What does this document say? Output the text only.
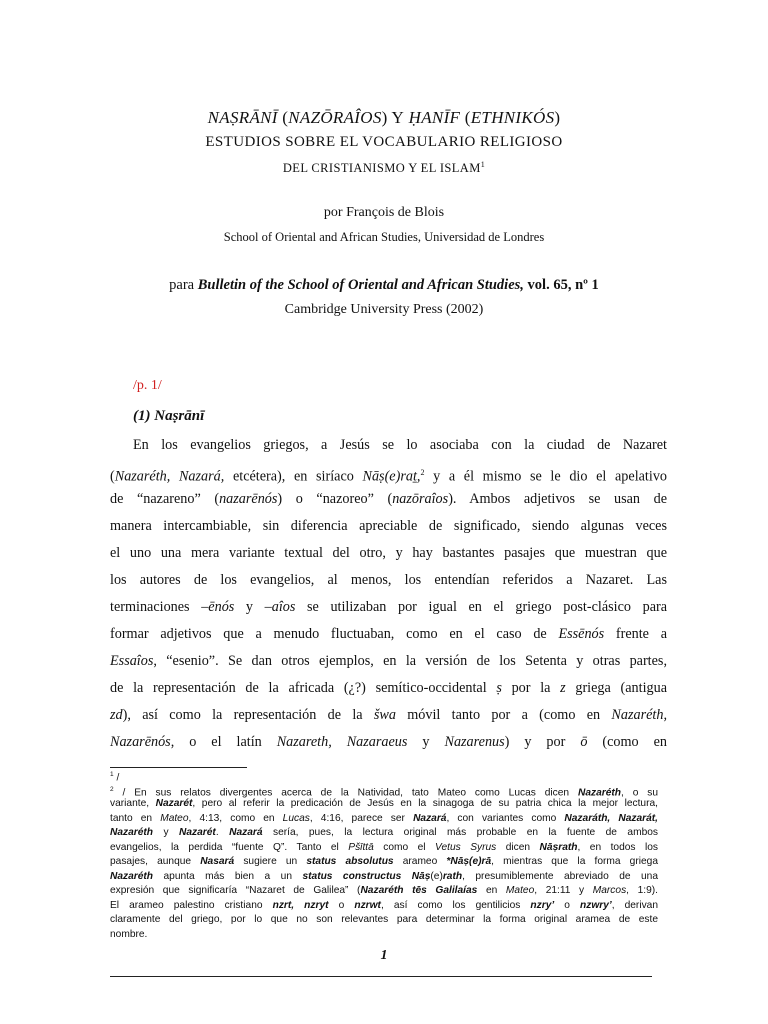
NAṢRĀNĪ (NAZŌRAÎOS) Y ḤANĪF (ETHNIKÓS)
ESTUDIOS SOBRE EL VOCABULARIO RELIGIOSO
DEL CRISTIANISMO Y EL ISLAM$^1$
por François de Blois
School of Oriental and African Studies, Universidad de Londres
para Bulletin of the School of Oriental and African Studies, vol. 65, nº 1
Cambridge University Press (2002)
/p. 1/
(1) Naṣrānī
En los evangelios griegos, a Jesús se lo asociaba con la ciudad de Nazaret
(Nazaréth, Nazará, etcétera), en siríaco Nāṣ(e)rat̠,$^2$ y a él mismo se le dio el apelativo
de “nazareno” (nazarēnós) o “nazoreo” (nazōraîos). Ambos adjetivos se usan de
manera intercambiable, sin diferencia apreciable de significado, siendo algunas veces
el uno una mera variante textual del otro, y hay bastantes pasajes que muestran que
los autores de los evangelios, al menos, los entendían referidos a Nazaret. Las
terminaciones –ēnós y –aîos se utilizaban por igual en el griego post-clásico para
formar adjetivos que a menudo fluctuaban, como en el caso de Essēnós frente a
Essaîos, “esenio”. Se dan otros ejemplos, en la versión de los Setenta y otras partes,
de la representación de la africada (¿?) semítico-occidental ṣ por la z griega (antigua
zd), así como la representación de la šwa móvil tanto por a (como en Nazaréth,
Nazarēnós, o el latín Nazareth, Nazaraeus y Nazarenus) y por ō (como en
$^1$ /
$^2$ / En sus relatos divergentes acerca de la Natividad, tato Mateo como Lucas dicen Nazaréth, o su
variante, Nazarét, pero al referir la predicación de Jesús en la sinagoga de su patria chica la mejor lectura,
tanto en Mateo, 4:13, como en Lucas, 4:16, parece ser Nazará, con variantes como Nazaráth, Nazarát,
Nazaréth y Nazarét. Nazará sería, pues, la lectura original más probable en la fuente de ambos
evangelios, la perdida “fuente Q”. Tanto el Pšīttā como el Vetus Syrus dicen Nāṣrath, en todos los
pasajes, aunque Nasará sugiere un status absolutus arameo *Nāṣ(e)rā, mientras que la forma griega
Nazaréth apunta más bien a un status constructus Nāṣ(e)rath, presumiblemente abreviado de una
expresión que significaría “Nazaret de Galilea” (Nazaréth tēs Galilaías en Mateo, 21:11 y Marcos, 1:9).
El arameo palestino cristiano nzrt, nzryt o nzrwt, así como los gentilicios nzry’ o nzwry’, derivan
claramente del griego, por lo que no son relevantes para determinar la forma original aramea de este
nombre.
1
